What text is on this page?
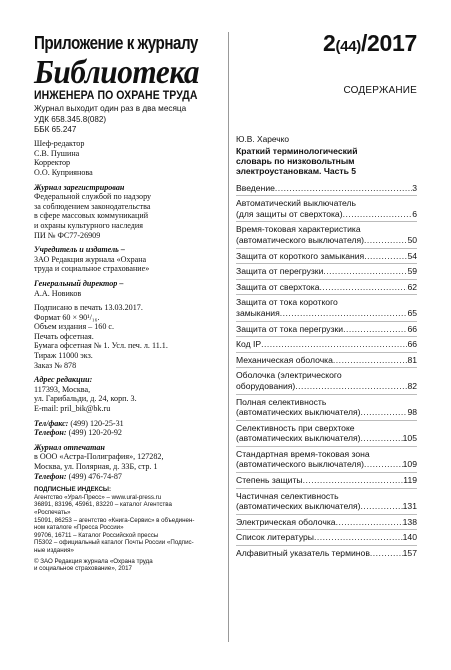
Приложение к журналу
Библиотека
ИНЖЕНЕРА ПО ОХРАНЕ ТРУДА
Журнал выходит один раз в два месяца
УДК 658.345.8(082)
ББК 65.247
Шеф-редактор
С.В. Пушина
Корректор
О.О. Куприянова
Журнал зарегистрирован
Федеральной службой по надзору
за соблюдением законодательства
в сфере массовых коммуникаций
и охраны культурного наследия
ПИ № ФС77-26909
Учредитель и издатель –
ЗАО Редакция журнала «Охрана
труда и социальное страхование»
Генеральный директор –
А.А. Новиков
Подписано в печать 13.03.2017.
Формат 60 × 90¹/₁₆.
Объем издания – 160 с.
Печать офсетная.
Бумага офсетная № 1. Усл. печ. л. 11.1.
Тираж 11000 экз.
Заказ № 878
Адрес редакции:
117393, Москва,
ул. Гарибальди, д. 24, корп. 3.
E-mail: pril_bik@bk.ru
Тел/факс: (499) 120-25-31
Телефон: (499) 120-20-92
Журнал отпечатан
в ООО «Астра-Полиграфия», 127282,
Москва, ул. Полярная, д. 33Б, стр. 1
Телефон: (499) 476-74-87
ПОДПИСНЫЕ ИНДЕКСЫ:
Агентство «Урал-Пресс» – www.ural-press.ru
36891, 83196, 45961, 83220 – каталог Агентства
«Роспечать»
15091, 86253 – агентство «Книга-Сервис» в объединен-
ном каталоге «Пресса России»
99706, 16711 – Каталог Российской прессы
П5302 – официальный каталог Почты России «Подпис-
ные издания»
© ЗАО Редакция журнала «Охрана труда
и социальное страхование», 2017
2(44)/2017
СОДЕРЖАНИЕ
Ю.В. Харечко
Краткий терминологический
словарь по низковольтным
электроустановкам. Часть 5
Введение .....	3
Автоматический выключатель
(для защиты от сверхтока) .....	6
Время-токовая характеристика
(автоматического выключателя) .....	50
Защита от короткого замыкания .....	54
Защита от перегрузки .....	59
Защита от сверхтока .....	62
Защита от тока короткого
замыкания .....	65
Защита от тока перегрузки .....	66
Код IP .....	66
Механическая оболочка .....	81
Оболочка (электрического
оборудования) .....	82
Полная селективность
(автоматических выключателя) .....	98
Селективность при сверхтоке
(автоматических выключателя) .....	105
Стандартная время-токовая зона
(автоматического выключателя) .....	109
Степень защиты .....	119
Частичная селективность
(автоматических выключателя) .....	131
Электрическая оболочка .....	138
Список литературы .....	140
Алфавитный указатель терминов .....	157
